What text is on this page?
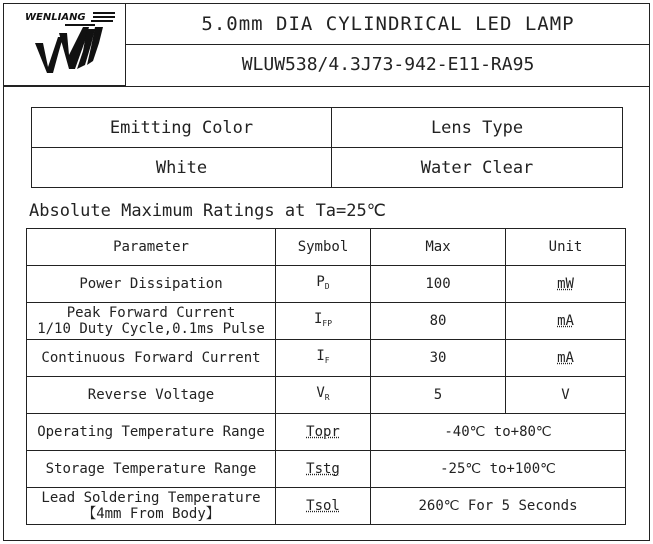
WENLIANG	5.0mm DIA CYLINDRICAL LED LAMP
WLUW538/4.3J73-942-E11-RA95
Emitting Color	Lens Type
White	Water Clear
Absolute Maximum Ratings at Ta=25℃
Parameter	Symbol	Max	Unit
Power Dissipation	$P_D$	100	mW
Peak Forward Current
1/10 Duty Cycle,0.1ms Pulse	$I_{FP}$	80	mA
Continuous Forward Current	$I_F$	30	mA
Reverse Voltage	$V_R$	5	V
Operating Temperature Range	Topr	-40℃ to+80℃	
Storage Temperature Range	Tstg	-25℃ to+100℃	
Lead Soldering Temperature
【4mm From Body】	Tsol	260℃ For 5 Seconds	
